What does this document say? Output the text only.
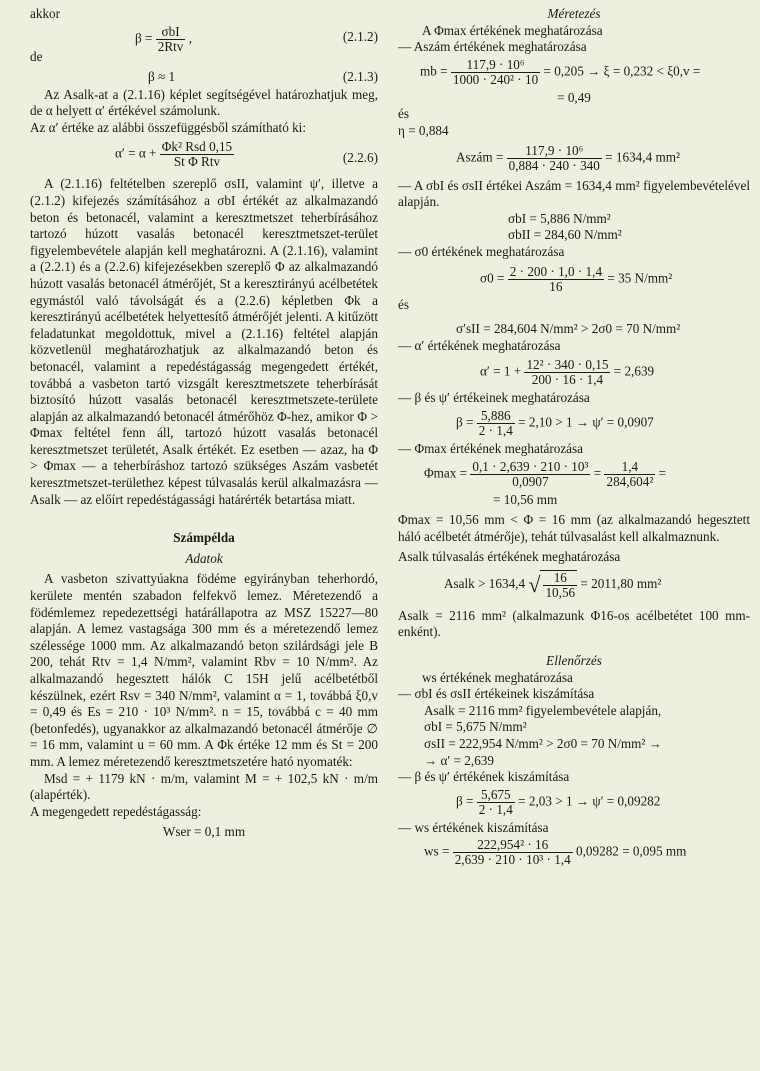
akkor

$\beta = \frac{\text{σbI}}{\text{2Rtv}}$ ,	(2.1.2)
de
β ≈ 1	(2.1.3)

Az Asalk-at a (2.1.16) képlet segítségével határozhatjuk meg, de α helyett α′ értékével számolunk.

Az α′ értéke az alábbi összefüggésből számítható ki:

$\alpha' = \alpha + \frac{\text{Φk² Rsd 0,15}}{\text{St Φ Rtv}}$	(2.2.6)

A (2.1.16) feltételben szereplő σsII, valamint ψ′, illetve a (2.1.2) kifejezés számításához a σbI értékét az alkalmazandó beton és betonacél, valamint a keresztmetszet teherbírásához tartozó húzott vasalás betonacél keresztmetszet-terület figyelembevétele alapján kell meghatározni. A (2.1.16), valamint a (2.2.1) és a (2.2.6) kifejezésekben szereplő Φ az alkalmazandó húzott vasalás betonacél átmérőjét, St a keresztirányú acélbetétek egymástól való távolságát és a (2.2.6) képletben Φk a keresztirányú acélbetétek helyettesítő átmérőjét jelenti. A kitűzött feladatunkat megoldottuk, mivel a (2.1.16) feltétel alapján közvetlenül meghatározhatjuk az alkalmazandó beton és betonacél, valamint a repedéstágasság megengedett értékét, továbbá a vasbeton tartó vizsgált keresztmetszete teherbírását biztosító húzott vasalás betonacél keresztmetszete-területe alapján az alkalmazandó betonacél átmérőhöz Φ-hez, amikor Φ > Φmax feltétel fenn áll, tartozó húzott vasalás betonacél keresztmetszet területét, Asalk értékét. Ez esetben — azaz, ha Φ > Φmax — a teherbíráshoz tartozó szükséges Aszám vasbetét keresztmetszet-területhez képest túlvasalás kerül alkalmazásra — Asalk — az előírt repedéstágassági határérték betartása miatt.

Számpélda

Adatok

A vasbeton szivattyúakna födéme egyirányban teherhordó, kerülete mentén szabadon felfekvő lemez. Méretezendő a födémlemez repedezettségi határállapotra az MSZ 15227—80 alapján. A lemez vastagsága 300 mm és a méretezendő lemez szélessége 1000 mm. Az alkalmazandó beton szilárdsági jele B 200, tehát Rtv = 1,4 N/mm², valamint Rbv = 10 N/mm². Az alkalmazandó hegesztett hálók C 15H jelű acélbetétből készülnek, ezért Rsv = 340 N/mm², valamint α = 1, továbbá ξ0,v = 0,49 és Es = 210 · 10³ N/mm². n = 15, továbbá c = 40 mm (betonfedés), ugyanakkor az alkalmazandó betonacél átmérője ∅ = 16 mm, valamint u = 60 mm. A Φk értéke 12 mm és St = 200 mm. A lemez méretezendő keresztmetszetére ható nyomaték:

Msd = + 1179 kN · m/m, valamint M = + 102,5 kN · m/m (alapérték).

A megengedett repedéstágasság:

Wser = 0,1 mm

Méretezés

A Φmax értékének meghatározása

— Aszám értékének meghatározása

mb = $\frac{\text{117,9 · 10⁶}}{\text{1000 · 240² · 10}} = 0,205 \to \xi = 0,232 < \xi 0,v$ =

= 0,49

és

η = 0,884

Aszám = $\frac{\text{117,9 · 10⁶}}{0,884 \cdot 240 \cdot 340} = 1634,4$ mm²

— A σbI és σsII értékei Aszám = 1634,4 mm² figyelembevételével alapján.

σbI = 5,886 N/mm²

σbII = 284,60 N/mm²

— σ0 értékének meghatározása

$\sigma 0 = \frac{2 \cdot 200 \cdot 1,0 \cdot 1,4}{16} = 35$ N/mm²

és

σ′sII = 284,604 N/mm² > 2σ0 = 70 N/mm²

— α′ értékének meghatározása

$\alpha' = 1 + \frac{\text{12² · 340 · 0,15}}{200 \cdot 16 \cdot 1,4} = 2,639$

— β és ψ′ értékeinek meghatározása

$\beta = \frac{5,886}{2 \cdot 1,4} = 2,10 > 1 \to \psi' = 0,0907$

— Φmax értékének meghatározása

$\Phi\max = \frac{\text{0,1 · 2,639 · 210 · 10³}}{0,0907} = \frac{1,4}{\text{284,604²}}$ =

= 10,56 mm

Φmax = 10,56 mm < Φ = 16 mm (az alkalmazandó hegesztett háló acélbetét átmérője), tehát túlvasalást kell alkalmaznunk.

Asalk túlvasalás értékének meghatározása

Asalk > 1634,4 √ $\frac{16}{10,56} = 2011,80$ mm²

Asalk = 2116 mm² (alkalmazunk Φ16-os acélbetétet 100 mm-enként).

Ellenőrzés

ws értékének meghatározása

— σbI és σsII értékeinek kiszámítása

Asalk = 2116 mm² figyelembevétele alapján,

σbI = 5,675 N/mm²

σsII = 222,954 N/mm² > 2σ0 = 70 N/mm² →

→ α′ = 2,639

— β és ψ′ értékének kiszámítása

$\beta = \frac{5,675}{2 \cdot 1,4} = 2,03 > 1 \to \psi' = 0,09282$

— ws értékének kiszámítása

ws = $\frac{\text{222,954² · 16}}{\text{2,639 · 210 · 10³ · 1,4}} 0,09282 = 0,095$ mm
